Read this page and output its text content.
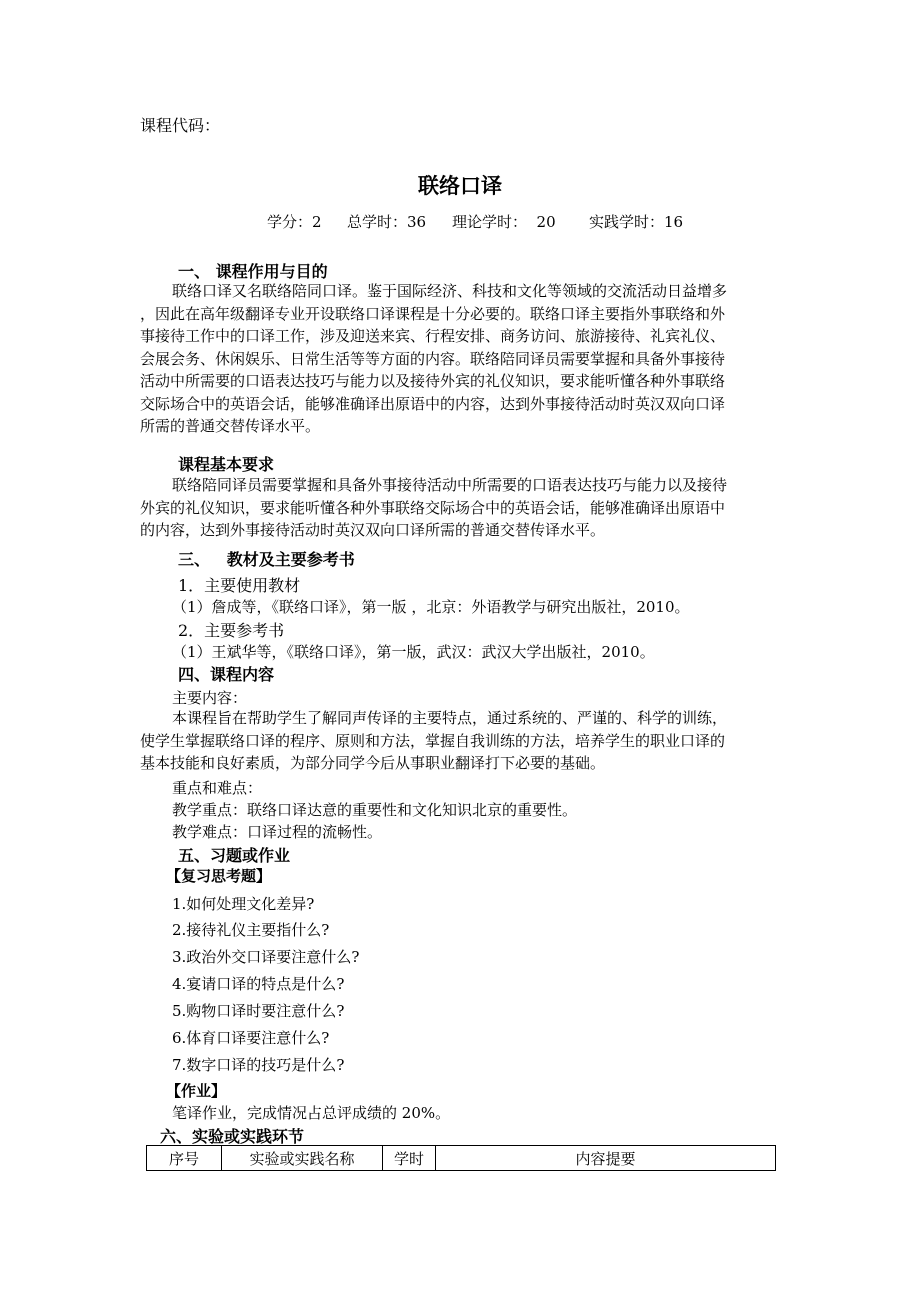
课程代码：
联络口译
学分：2 总学时：36 理论学时：  20 实践学时：16
一、 课程作用与目的
联络口译又名联络陪同口译。鉴于国际经济、科技和文化等领域的交流活动日益增多
，因此在高年级翻译专业开设联络口译课程是十分必要的。联络口译主要指外事联络和外
事接待工作中的口译工作，涉及迎送来宾、行程安排、商务访问、旅游接待、礼宾礼仪、
会展会务、休闲娱乐、日常生活等等方面的内容。联络陪同译员需要掌握和具备外事接待
活动中所需要的口语表达技巧与能力以及接待外宾的礼仪知识，要求能听懂各种外事联络
交际场合中的英语会话，能够准确译出原语中的内容，达到外事接待活动时英汉双向口译
所需的普通交替传译水平。
课程基本要求
联络陪同译员需要掌握和具备外事接待活动中所需要的口语表达技巧与能力以及接待
外宾的礼仪知识，要求能听懂各种外事联络交际场合中的英语会话，能够准确译出原语中
的内容，达到外事接待活动时英汉双向口译所需的普通交替传译水平。
三、   教材及主要参考书
1．主要使用教材
（1）詹成等，《联络口译》，第一版 ，北京：外语教学与研究出版社，2010。
2．主要参考书
（1）王斌华等，《联络口译》，第一版，武汉：武汉大学出版社，2010。
四、课程内容
主要内容：
本课程旨在帮助学生了解同声传译的主要特点，通过系统的、严谨的、科学的训练，
使学生掌握联络口译的程序、原则和方法，掌握自我训练的方法，培养学生的职业口译的
基本技能和良好素质，为部分同学今后从事职业翻译打下必要的基础。
重点和难点：
教学重点：联络口译达意的重要性和文化知识北京的重要性。
教学难点：口译过程的流畅性。
五、习题或作业
【复习思考题】
1.如何处理文化差异?
2.接待礼仪主要指什么?
3.政治外交口译要注意什么?
4.宴请口译的特点是什么?
5.购物口译时要注意什么?
6.体育口译要注意什么?
7.数字口译的技巧是什么?
【作业】
笔译作业，完成情况占总评成绩的 20%。
六、实验或实践环节
序号	实验或实践名称	学时	内容提要
